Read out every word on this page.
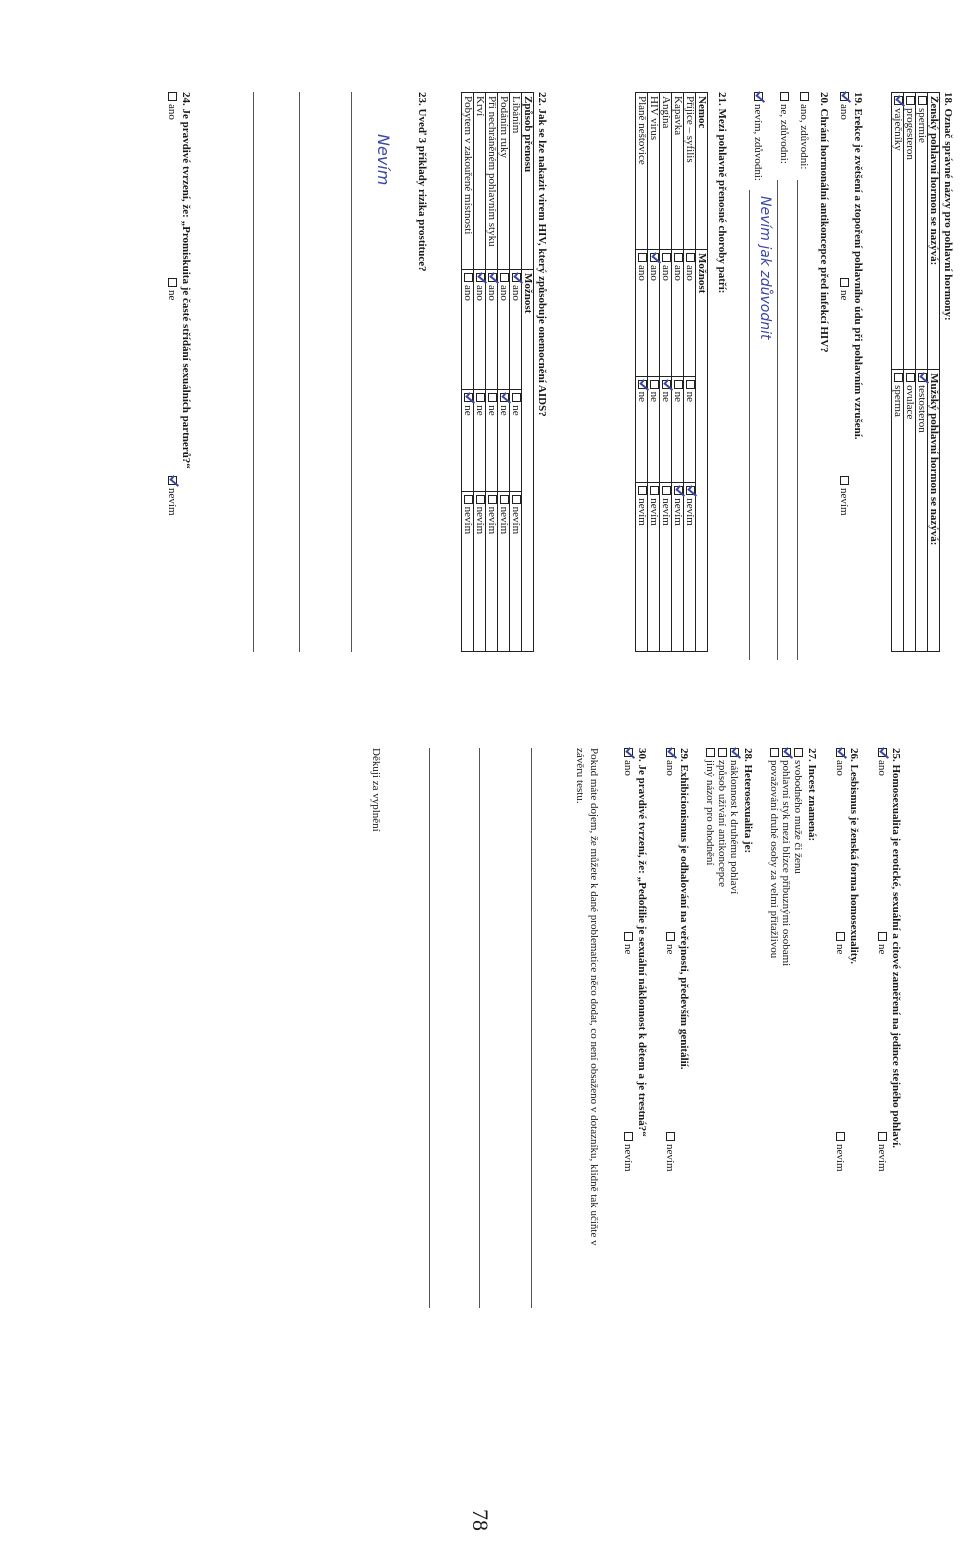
18. Označ správné názvy pro pohlavní hormony:
Ženský pohlavní hormon se nazývá:	Mužský pohlavní hormon se nazývá:
spermie	testosteron
progesteron	ovulace
vaječníky	sperma
19. Erekce je zvětšení a ztopoření pohlavního údu při pohlavním vzrušení.
ano
ne
nevím
20. Chrání hormonální antikoncepce před infekcí HIV?
ano, zdůvodni:
ne, zdůvodni:
nevím, zdůvodni:
Nevím jak zdůvodnit
21. Mezi pohlavně přenosné choroby patří:
Nemoc	Možnost		
Příjice – syfilis	ano	ne	nevím
Kapavka	ano	ne	nevím
Angína	ano	ne	nevím
HIV virus	ano	ne	nevím
Planě neštovice	ano	ne	nevím
22. Jak se lze nakazit virem HIV, který způsobuje onemocnění AIDS?
Způsob přenosu	Možnost		
Líbáním	ano	ne	nevím
Podáním ruky	ano	ne	nevím
Při nechráněném pohlavním styku	ano	ne	nevím
Krví	ano	ne	nevím
Pobytem v zakouřené místnosti	ano	ne	nevím
23. Uveď 3 příklady rizika prostituce?
Nevím
24. Je pravdivé tvrzení, že: „Promiskuita je časté střídání sexuálních partnerů?“
ano
ne
nevím
25. Homosexualita je erotické, sexuální a citové zaměření na jedince stejného pohlaví.
ano
ne
nevím
26. Lesbismus je ženská forma homosexuality.
ano
ne
nevím
27. Incest znamená:
svobodného muže či ženu
pohlavní styk mezi blízce příbuznými osobami
považování druhé osoby za velmi přitažlivou
28. Heterosexualita je:
náklonnost k druhému pohlaví
způsob užívání antikoncepce
jiný názor pro ohodnění
29. Exhibicionismus je odhalování na veřejnosti, především genitálií.
ano
ne
nevím
30. Je pravdivé tvrzení, že: „Pedofilie je sexuální náklonnost k dětem a je trestná?“
ano
ne
nevím
Pokud máte dojem, že můžete k dané problematice něco dodat, co není obsaženo v dotazníku, klidně tak učiňte v
závěru testu.
Děkuji za vyplnění
78
